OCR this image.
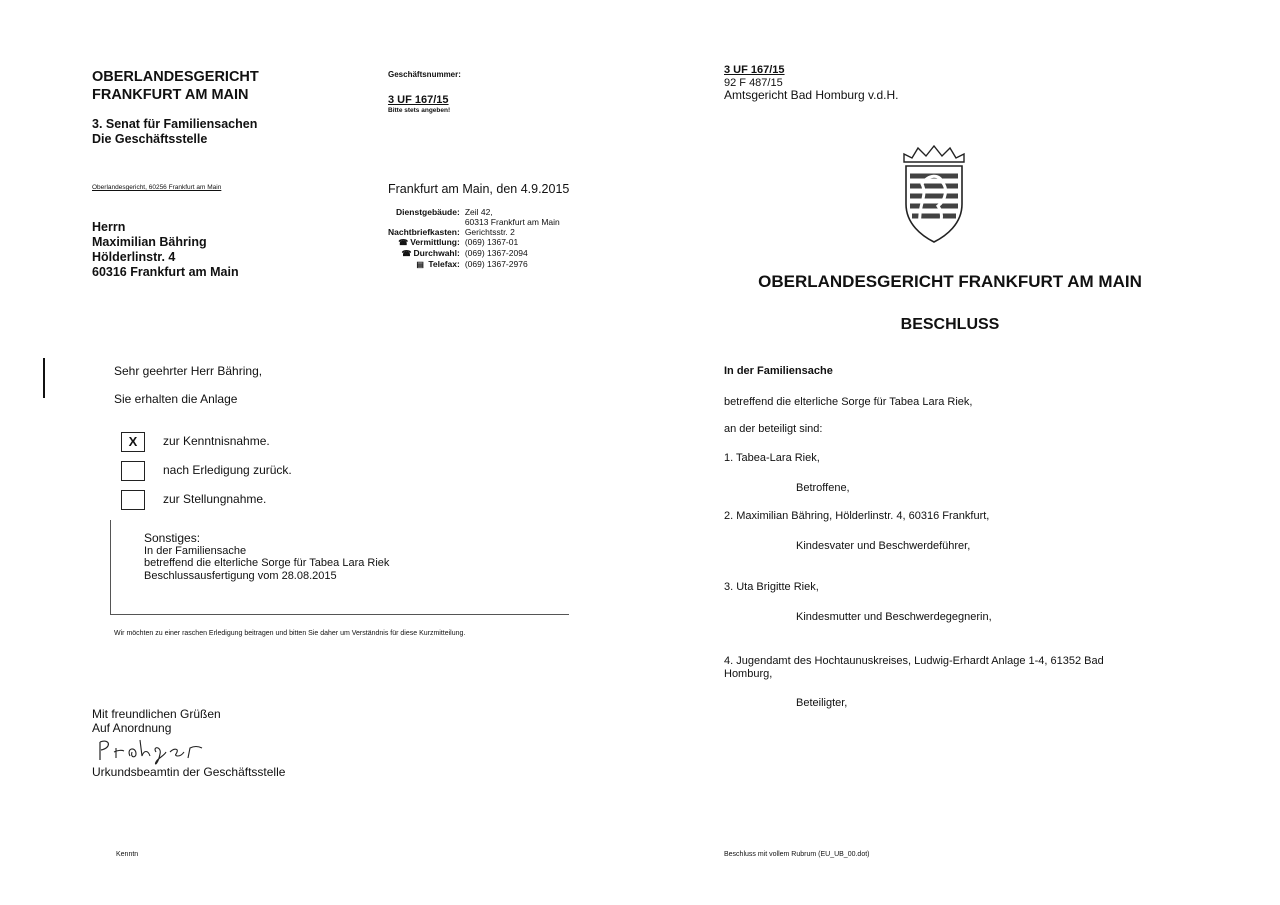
OBERLANDESGERICHT
FRANKFURT AM MAIN
3. Senat für Familiensachen
Die Geschäftsstelle
Geschäftsnummer:
3 UF 167/15
Bitte stets angeben!
Oberlandesgericht, 60256 Frankfurt am Main
Herrn
Maximilian Bähring
Hölderlinstr. 4
60316 Frankfurt am Main
Frankfurt am Main, den 4.9.2015
Dienstgebäude:	Zeil 42,
60313 Frankfurt am Main

Nachtbriefkasten:	Gerichtsstr. 2
☎ Vermittlung:	(069) 1367-01
☎ Durchwahl:	(069) 1367-2094
▤ Telefax:	(069) 1367-2976
Sehr geehrter Herr Bähring,
Sie erhalten die Anlage
X	zur Kenntnisnahme.
nach Erledigung zurück.
zur Stellungnahme.
Sonstiges:
In der Familiensache
betreffend die elterliche Sorge für Tabea Lara Riek
Beschlussausfertigung vom 28.08.2015
Wir möchten zu einer raschen Erledigung beitragen und bitten Sie daher um Verständnis für diese Kurzmitteilung.
Mit freundlichen Grüßen
Auf Anordnung
Urkundsbeamtin der Geschäftsstelle
Kenntn
3 UF 167/15
92 F 487/15
Amtsgericht Bad Homburg v.d.H.
OBERLANDESGERICHT FRANKFURT AM MAIN
BESCHLUSS
In der Familiensache
betreffend die elterliche Sorge für Tabea Lara Riek,
an der beteiligt sind:
1. Tabea-Lara Riek,
Betroffene,
2. Maximilian Bähring, Hölderlinstr. 4, 60316 Frankfurt,
Kindesvater und Beschwerdeführer,
3. Uta Brigitte Riek,
Kindesmutter und Beschwerdegegnerin,
4. Jugendamt des Hochtaunuskreises, Ludwig-Erhardt Anlage 1-4, 61352 Bad
Homburg,
Beteiligter,
Beschluss mit vollem Rubrum (EU_UB_00.dot)
